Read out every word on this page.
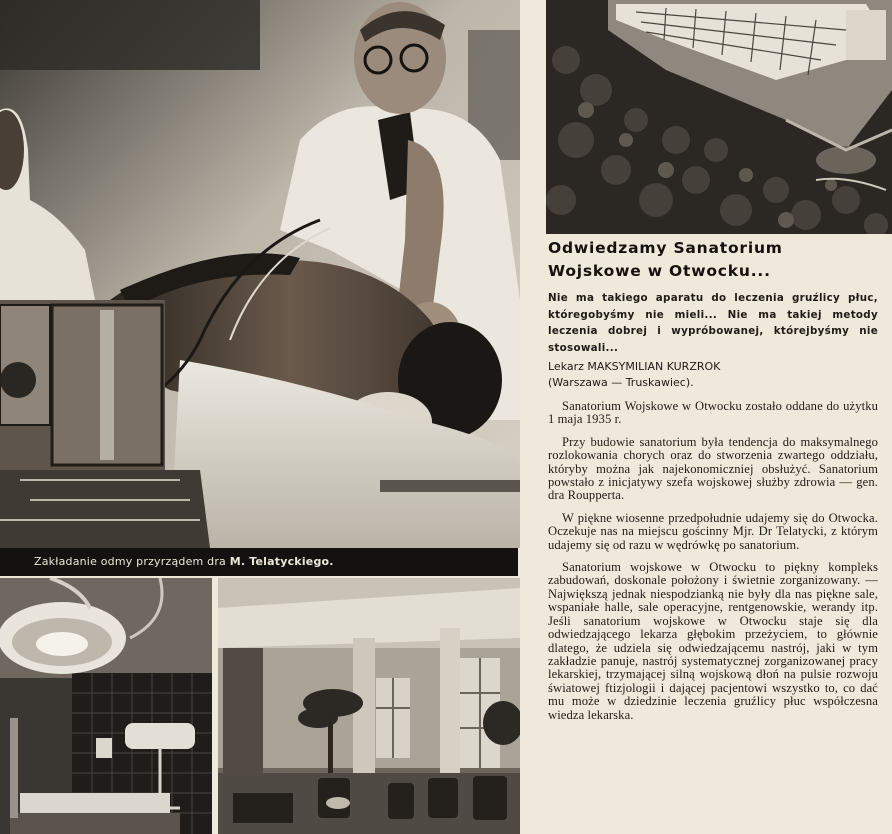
Zakładanie odmy przyrządem dra M. Telatyckiego.
Odwiedzamy Sanatorium
Wojskowe w Otwocku...

Nie ma takiego aparatu do leczenia gruźlicy płuc, któregobyśmy nie mieli... Nie ma takiej metody leczenia dobrej i wypróbowanej, którejbyśmy nie stosowali...

Lekarz MAKSYMILIAN KURZROK
(Warszawa — Truskawiec).

Sanatorium Wojskowe w Otwocku zostało oddane do użytku 1 maja 1935 r.

Przy budowie sanatorium była tendencja do maksymalnego rozlokowania chorych oraz do stworzenia zwartego oddziału, któryby można jak najekonomiczniej obsłużyć. Sanatorium powstało z inicjatywy szefa wojskowej służby zdrowia — gen. dra Roupperta.

W piękne wiosenne przedpołudnie udajemy się do Otwocka. Oczekuje nas na miejscu gościnny Mjr. Dr Telatycki, z którym udajemy się od razu w wędrówkę po sanatorium.

Sanatorium wojskowe w Otwocku to piękny kompleks zabudowań, doskonale położony i świetnie zorganizowany. — Największą jednak niespodzianką nie były dla nas piękne sale, wspaniałe halle, sale operacyjne, rentgenowskie, werandy itp. Jeśli sanatorium wojskowe w Otwocku staje się dla odwiedzającego lekarza głębokim przeżyciem, to głównie dlatego, że udziela się odwiedzającemu nastrój, jaki w tym zakładzie panuje, nastrój systematycznej zorganizowanej pracy lekarskiej, trzymającej silną wojskową dłoń na pulsie rozwoju światowej ftizjologii i dającej pacjentowi wszystko to, co dać mu może w dziedzinie leczenia gruźlicy płuc współczesna wiedza lekarska.
